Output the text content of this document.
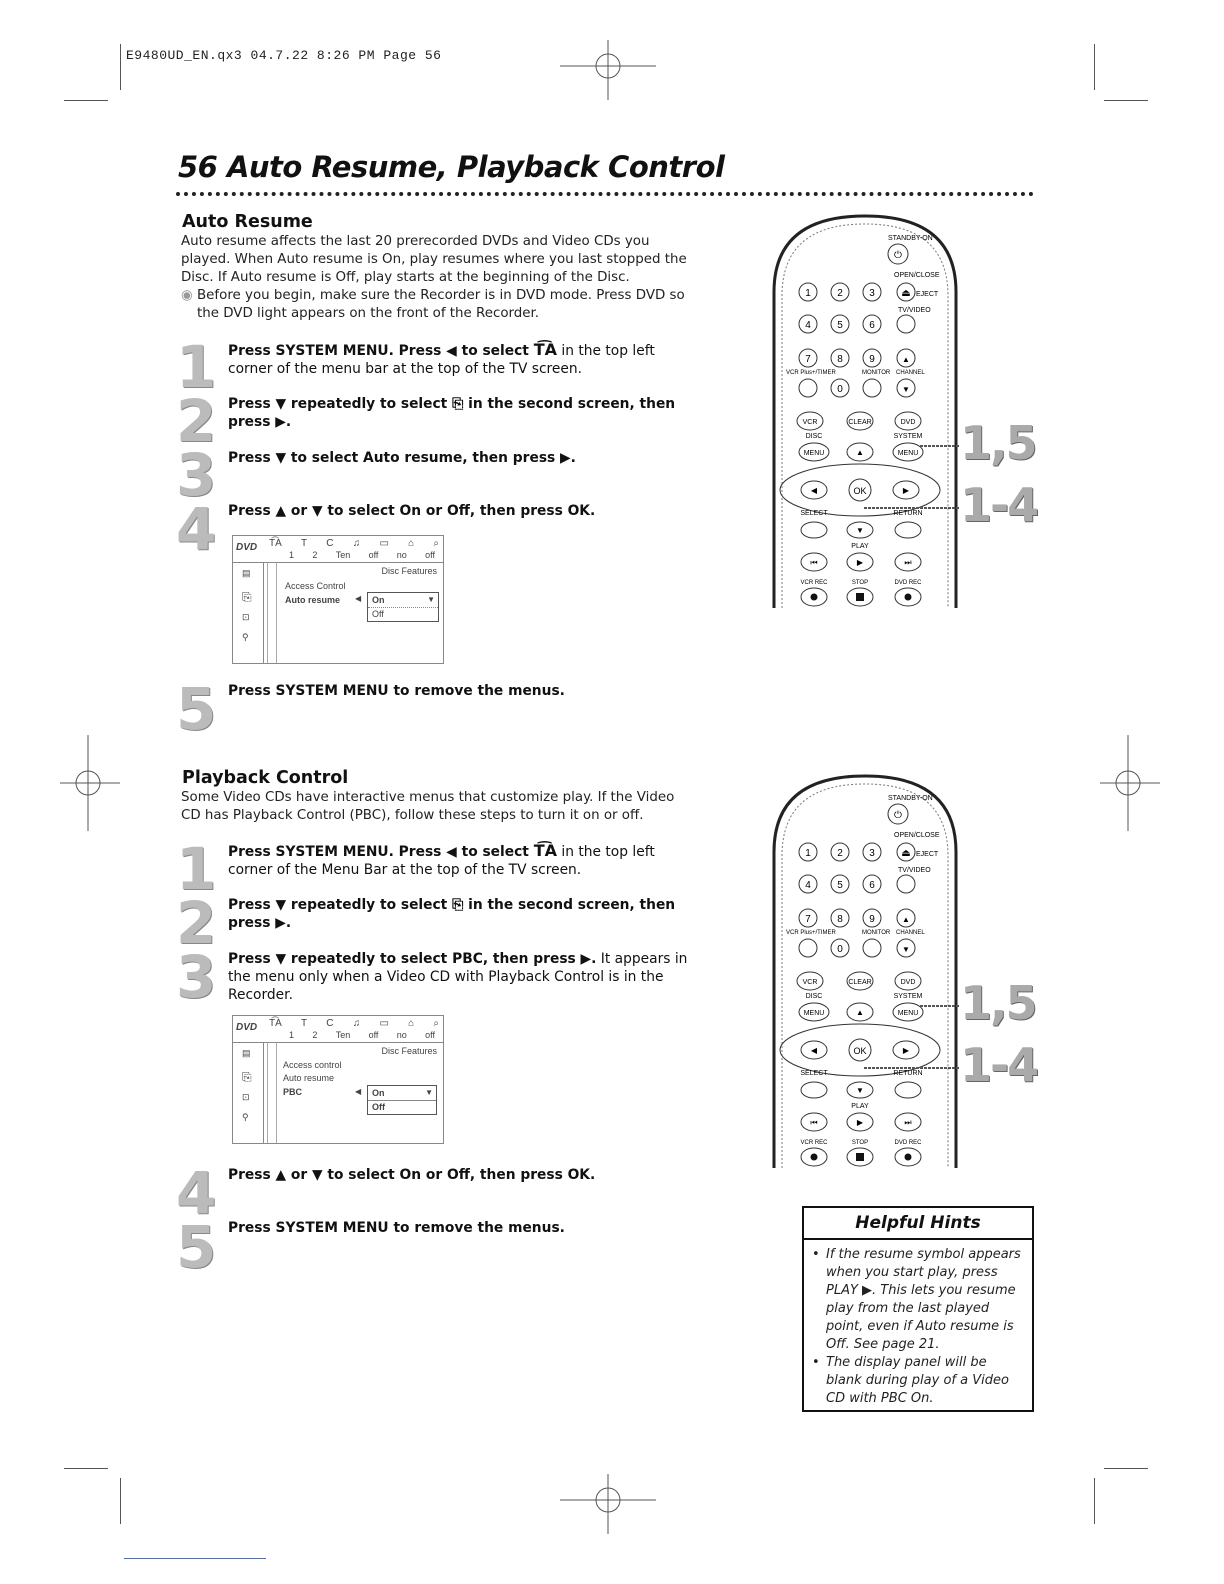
E9480UD_EN.qx3 04.7.22 8:26 PM Page 56
56 Auto Resume, Playback Control
Auto Resume
Auto resume affects the last 20 prerecorded DVDs and Video CDs you
played. When Auto resume is On, play resumes where you last stopped the
Disc. If Auto resume is Off, play starts at the beginning of the Disc.
◉ Before you begin, make sure the Recorder is in DVD mode. Press DVD so
the DVD light appears on the front of the Recorder.
1 Press SYSTEM MENU. Press ◀ to select T͡A in the top left
corner of the menu bar at the top of the TV screen.
2 Press ▼ repeatedly to select ⎘ in the second screen, then
press ▶.
3 Press ▼ to select Auto resume, then press ▶.
4 Press ▲ or ▼ to select On or Off, then press OK.
DVD T͡A T C ♫ ▭ ⌂ ⌕
1 2 Ten off no off
▤
⎘
⊡
⚲
Disc Features
Access Control
Auto resume ◀	On
Off
▼
5 Press SYSTEM MENU to remove the menus.
Playback Control
Some Video CDs have interactive menus that customize play. If the Video
CD has Playback Control (PBC), follow these steps to turn it on or off.
1 Press SYSTEM MENU. Press ◀ to select T͡A in the top left
corner of the Menu Bar at the top of the TV screen.
2 Press ▼ repeatedly to select ⎘ in the second screen, then
press ▶.
3 Press ▼ repeatedly to select PBC, then press ▶. It appears in
the menu only when a Video CD with Playback Control is in the
Recorder.
DVD T͡A T C ♫ ▭ ⌂ ⌕
1 2 Ten off no off
▤
⎘
⊡
⚲
Disc Features
Access control
Auto resume
PBC	◀	On
Off
▼
4 Press ▲ or ▼ to select On or Off, then press OK.
5 Press SYSTEM MENU to remove the menus.
STANDBY-ON
⏻
OPEN/CLOSE
1	2	3	⏏
4	5	6
7	8	9	▲
0	▼
EJECT
TV/VIDEO
VCR Plus+/TIMER	MONITOR CHANNEL
VCR	CLEAR	DVD
DISC	SYSTEM
MENU	▲	MENU
◀	OK	▶
SELECT	RETURN
▼
PLAY
⏮	▶	⏭
VCR REC	STOP	DVD REC
1,5
1-4
STANDBY-ON
⏻
OPEN/CLOSE
1	2	3	⏏
4	5	6
7	8	9	▲
0	▼
EJECT
TV/VIDEO
VCR Plus+/TIMER	MONITOR CHANNEL
VCR	CLEAR	DVD
DISC	SYSTEM
MENU	▲	MENU
◀	OK	▶
SELECT	RETURN
▼
PLAY
⏮	▶	⏭
VCR REC	STOP	DVD REC
1,5
1-4
Helpful Hints
• If the resume symbol appears when you start play, press PLAY ▶. This lets you resume play from the last played point, even if Auto resume is Off. See page 21.
• The display panel will be blank during play of a Video CD with PBC On.
